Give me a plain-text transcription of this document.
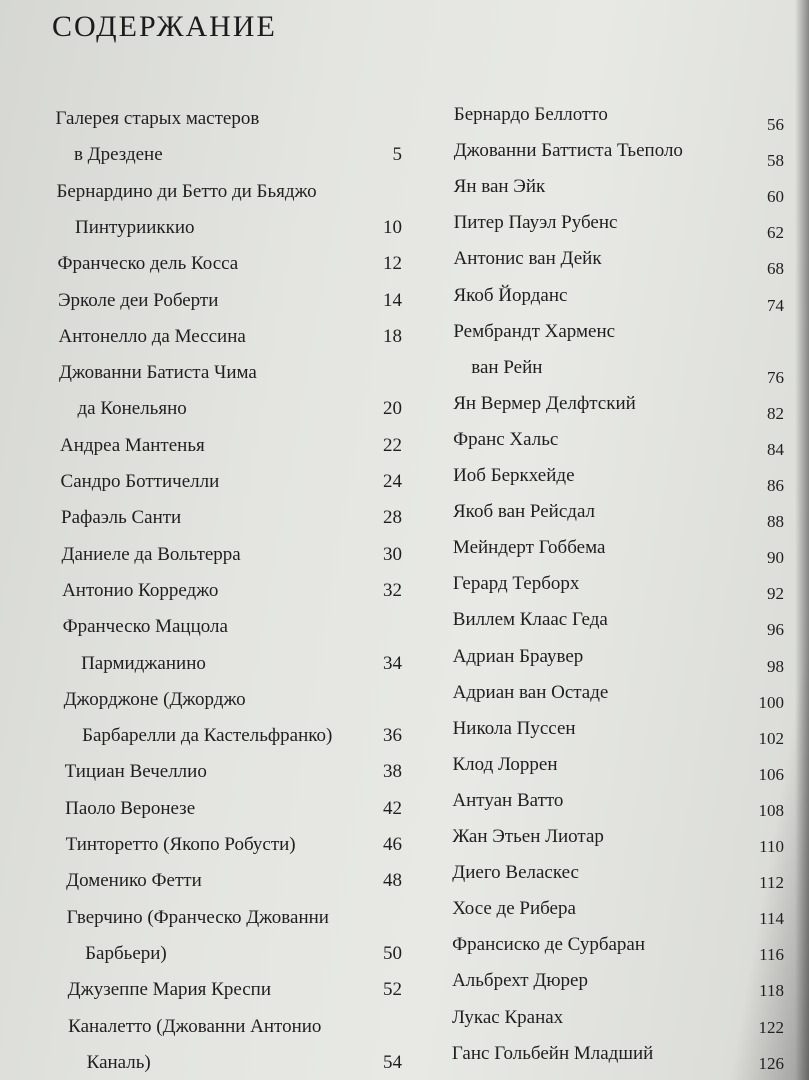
СОДЕРЖАНИЕ
Галерея старых мастеров
в Дрездене	5
Бернардино ди Бетто ди Бьяджо
Пинтурииккио	10
Франческо дель Косса	12
Эрколе деи Роберти	14
Антонелло да Мессина	18
Джованни Батиста Чима
да Конельяно	20
Андреа Мантенья	22
Сандро Боттичелли	24
Рафаэль Санти	28
Даниеле да Вольтерра	30
Антонио Корреджо	32
Франческо Маццола
Пармиджанино	34
Джорджоне (Джорджо
Барбарелли да Кастельфранко)	36
Тициан Вечеллио	38
Паоло Веронезе	42
Тинторетто (Якопо Робусти)	46
Доменико Фетти	48
Гверчино (Франческо Джованни
Барбьери)	50
Джузеппе Мария Креспи	52
Каналетто (Джованни Антонио
Каналь)	54
Бернардо Беллотто	56
Джованни Баттиста Тьеполо	58
Ян ван Эйк	60
Питер Пауэл Рубенс	62
Антонис ван Дейк	68
Якоб Йорданс	74
Рембрандт Харменс
ван Рейн	76
Ян Вермер Делфтский	82
Франс Хальс	84
Иоб Беркхейде	86
Якоб ван Рейсдал	88
Мейндерт Гоббема	90
Герард Терборх	92
Виллем Клаас Геда	96
Адриан Браувер	98
Адриан ван Остаде	100
Никола Пуссен	102
Клод Лоррен	106
Антуан Ватто	108
Жан Этьен Лиотар	110
Диего Веласкес	112
Хосе де Рибера	114
Франсиско де Сурбаран	116
Альбрехт Дюрер	118
Лукас Кранах	122
Ганс Гольбейн Младший	126
